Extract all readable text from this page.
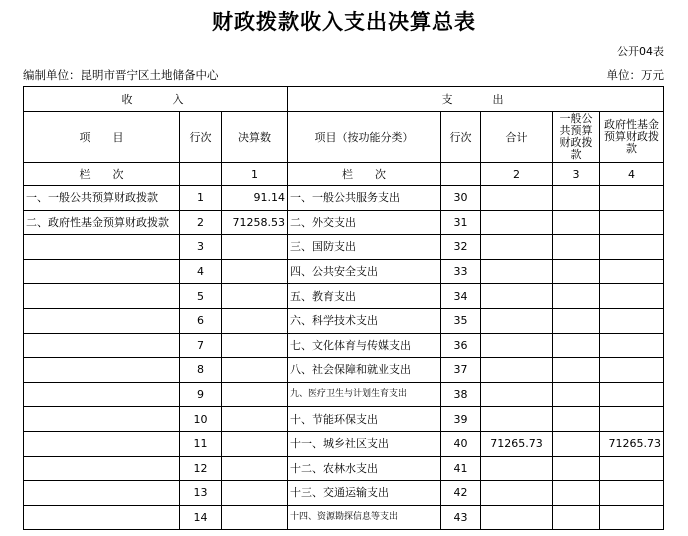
财政拨款收入支出决算总表
公开04表
编制单位：昆明市晋宁区土地储备中心	单位：万元
收　　入			支　　出				
项　　目	行次	决算数	项目（按功能分类）	行次	合计	一般公共预算财政拨款	政府性基金预算财政拨款
栏　　次		1	栏　　次		2	3	4
一、一般公共预算财政拨款	1	91.14	一、一般公共服务支出	30			
二、政府性基金预算财政拨款	2	71258.53	二、外交支出	31			
	3		三、国防支出	32			
	4		四、公共安全支出	33			
	5		五、教育支出	34			
	6		六、科学技术支出	35			
	7		七、文化体育与传媒支出	36			
	8		八、社会保障和就业支出	37			
	9		九、医疗卫生与计划生育支出	38			
	10		十、节能环保支出	39			
	11		十一、城乡社区支出	40	71265.73		71265.73
	12		十二、农林水支出	41			
	13		十三、交通运输支出	42			
	14		十四、资源勘探信息等支出	43			
